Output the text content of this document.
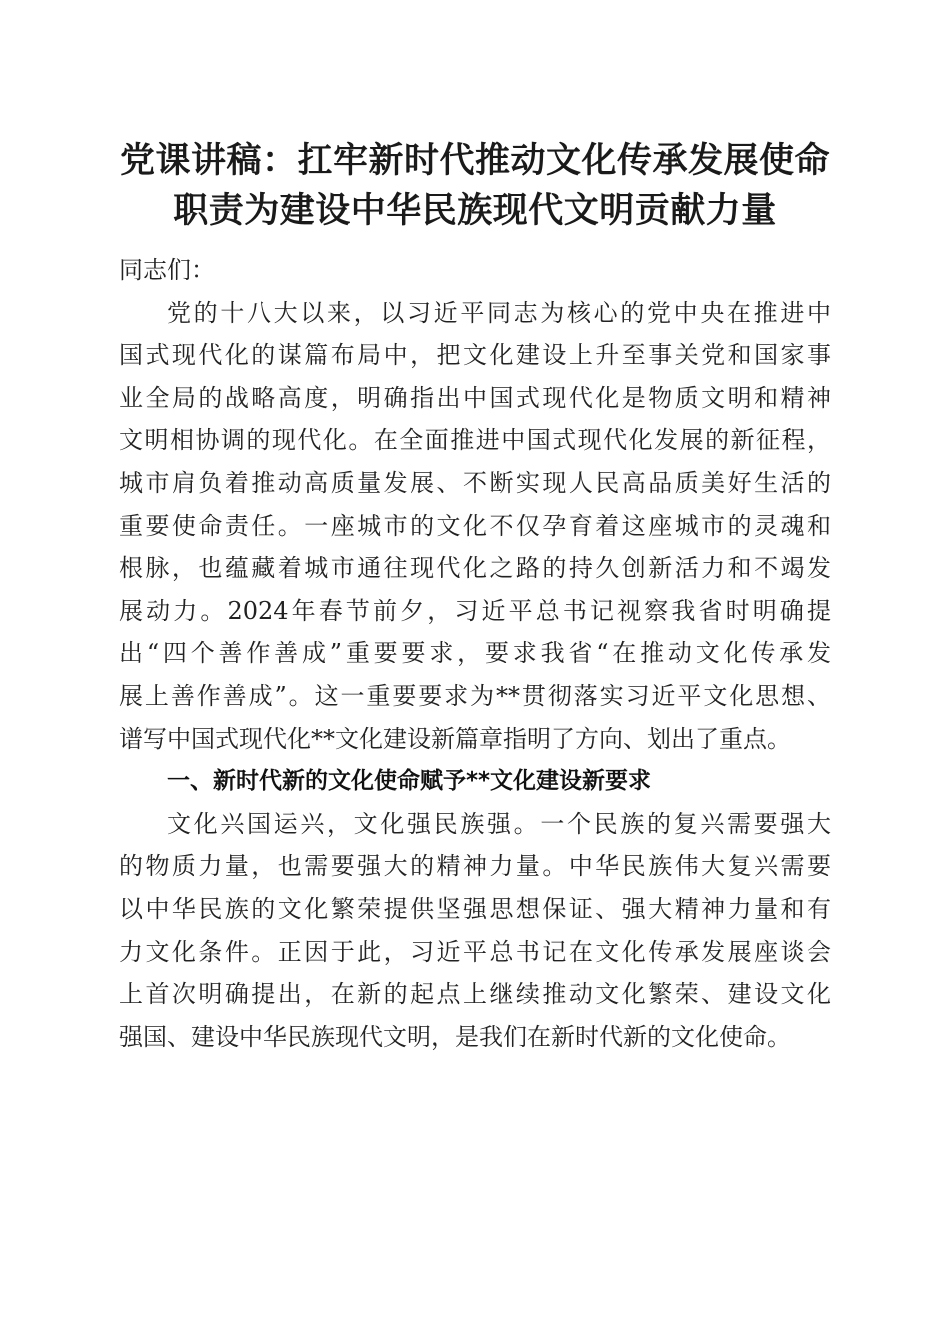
党课讲稿：扛牢新时代推动文化传承发展使命
职责为建设中华民族现代文明贡献力量
同志们：
党的十八大以来，以习近平同志为核心的党中央在推进中
国式现代化的谋篇布局中，把文化建设上升至事关党和国家事
业全局的战略高度，明确指出中国式现代化是物质文明和精神
文明相协调的现代化。在全面推进中国式现代化发展的新征程，
城市肩负着推动高质量发展、不断实现人民高品质美好生活的
重要使命责任。一座城市的文化不仅孕育着这座城市的灵魂和
根脉，也蕴藏着城市通往现代化之路的持久创新活力和不竭发
展动力。2024年春节前夕，习近平总书记视察我省时明确提
出“四个善作善成”重要要求，要求我省“在推动文化传承发
展上善作善成”。这一重要要求为**贯彻落实习近平文化思想、
谱写中国式现代化**文化建设新篇章指明了方向、划出了重点。
一、新时代新的文化使命赋予**文化建设新要求
文化兴国运兴，文化强民族强。一个民族的复兴需要强大
的物质力量，也需要强大的精神力量。中华民族伟大复兴需要
以中华民族的文化繁荣提供坚强思想保证、强大精神力量和有
力文化条件。正因于此，习近平总书记在文化传承发展座谈会
上首次明确提出，在新的起点上继续推动文化繁荣、建设文化
强国、建设中华民族现代文明，是我们在新时代新的文化使命。
